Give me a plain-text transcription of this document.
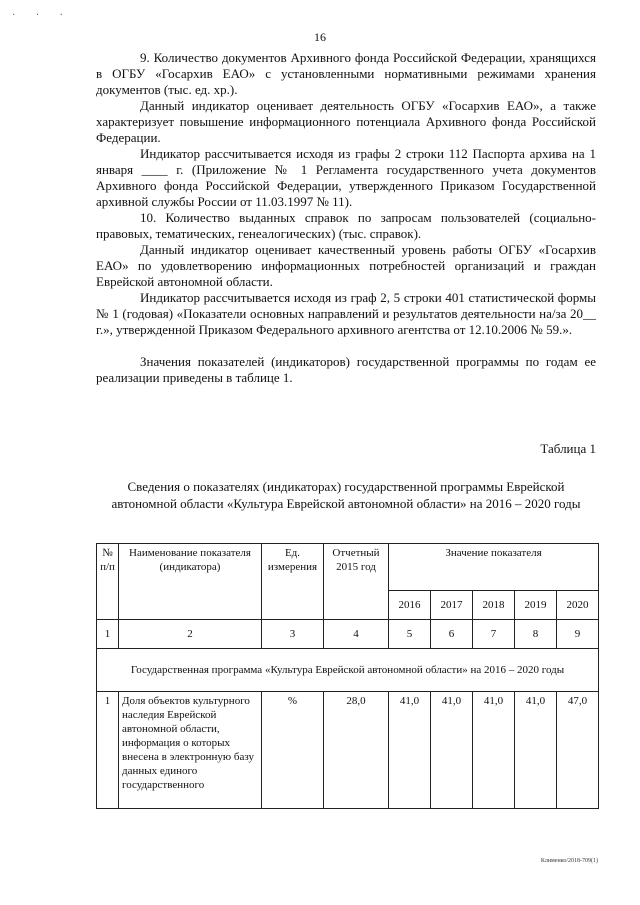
· · ·
16

9. Количество документов Архивного фонда Российской Федерации, хранящихся в ОГБУ «Госархив ЕАО» с установленными нормативными режимами хранения документов (тыс. ед. хр.).

Данный индикатор оценивает деятельность ОГБУ «Госархив ЕАО», а также характеризует повышение информационного потенциала Архивного фонда Российской Федерации.

Индикатор рассчитывается исходя из графы 2 строки 112 Паспорта архива на 1 января ____ г. (Приложение № 1 Регламента государственного учета документов Архивного фонда Российской Федерации, утвержденного Приказом Государственной архивной службы России от 11.03.1997 № 11).

10. Количество выданных справок по запросам пользователей (социально-правовых, тематических, генеалогических) (тыс. справок).

Данный индикатор оценивает качественный уровень работы ОГБУ «Госархив ЕАО» по удовлетворению информационных потребностей организаций и граждан Еврейской автономной области.

Индикатор рассчитывается исходя из граф 2, 5 строки 401 статистической формы № 1 (годовая) «Показатели основных направлений и результатов деятельности на/за 20__ г.», утвержденной Приказом Федерального архивного агентства от 12.10.2006 № 59.».

Значения показателей (индикаторов) государственной программы по годам ее реализации приведены в таблице 1.

Таблица 1
Сведения о показателях (индикаторах) государственной программы Еврейской автономной области «Культура Еврейской автономной области» на 2016 – 2020 годы
№ п/п	Наименование показателя (индикатора)	Ед. измерения	Отчетный 2015 год	Значение показателя				
				2016	2017	2018	2019	2020
1	2	3	4	5	6	7	8	9
Государственная программа «Культура Еврейской автономной области» на 2016 – 2020 годы								
1	Доля объектов культурного наследия Еврейской автономной области, информация о которых внесена в электронную базу данных единого государственного	%	28,0	41,0	41,0	41,0	41,0	47,0
Клименко/2018-709(1)
